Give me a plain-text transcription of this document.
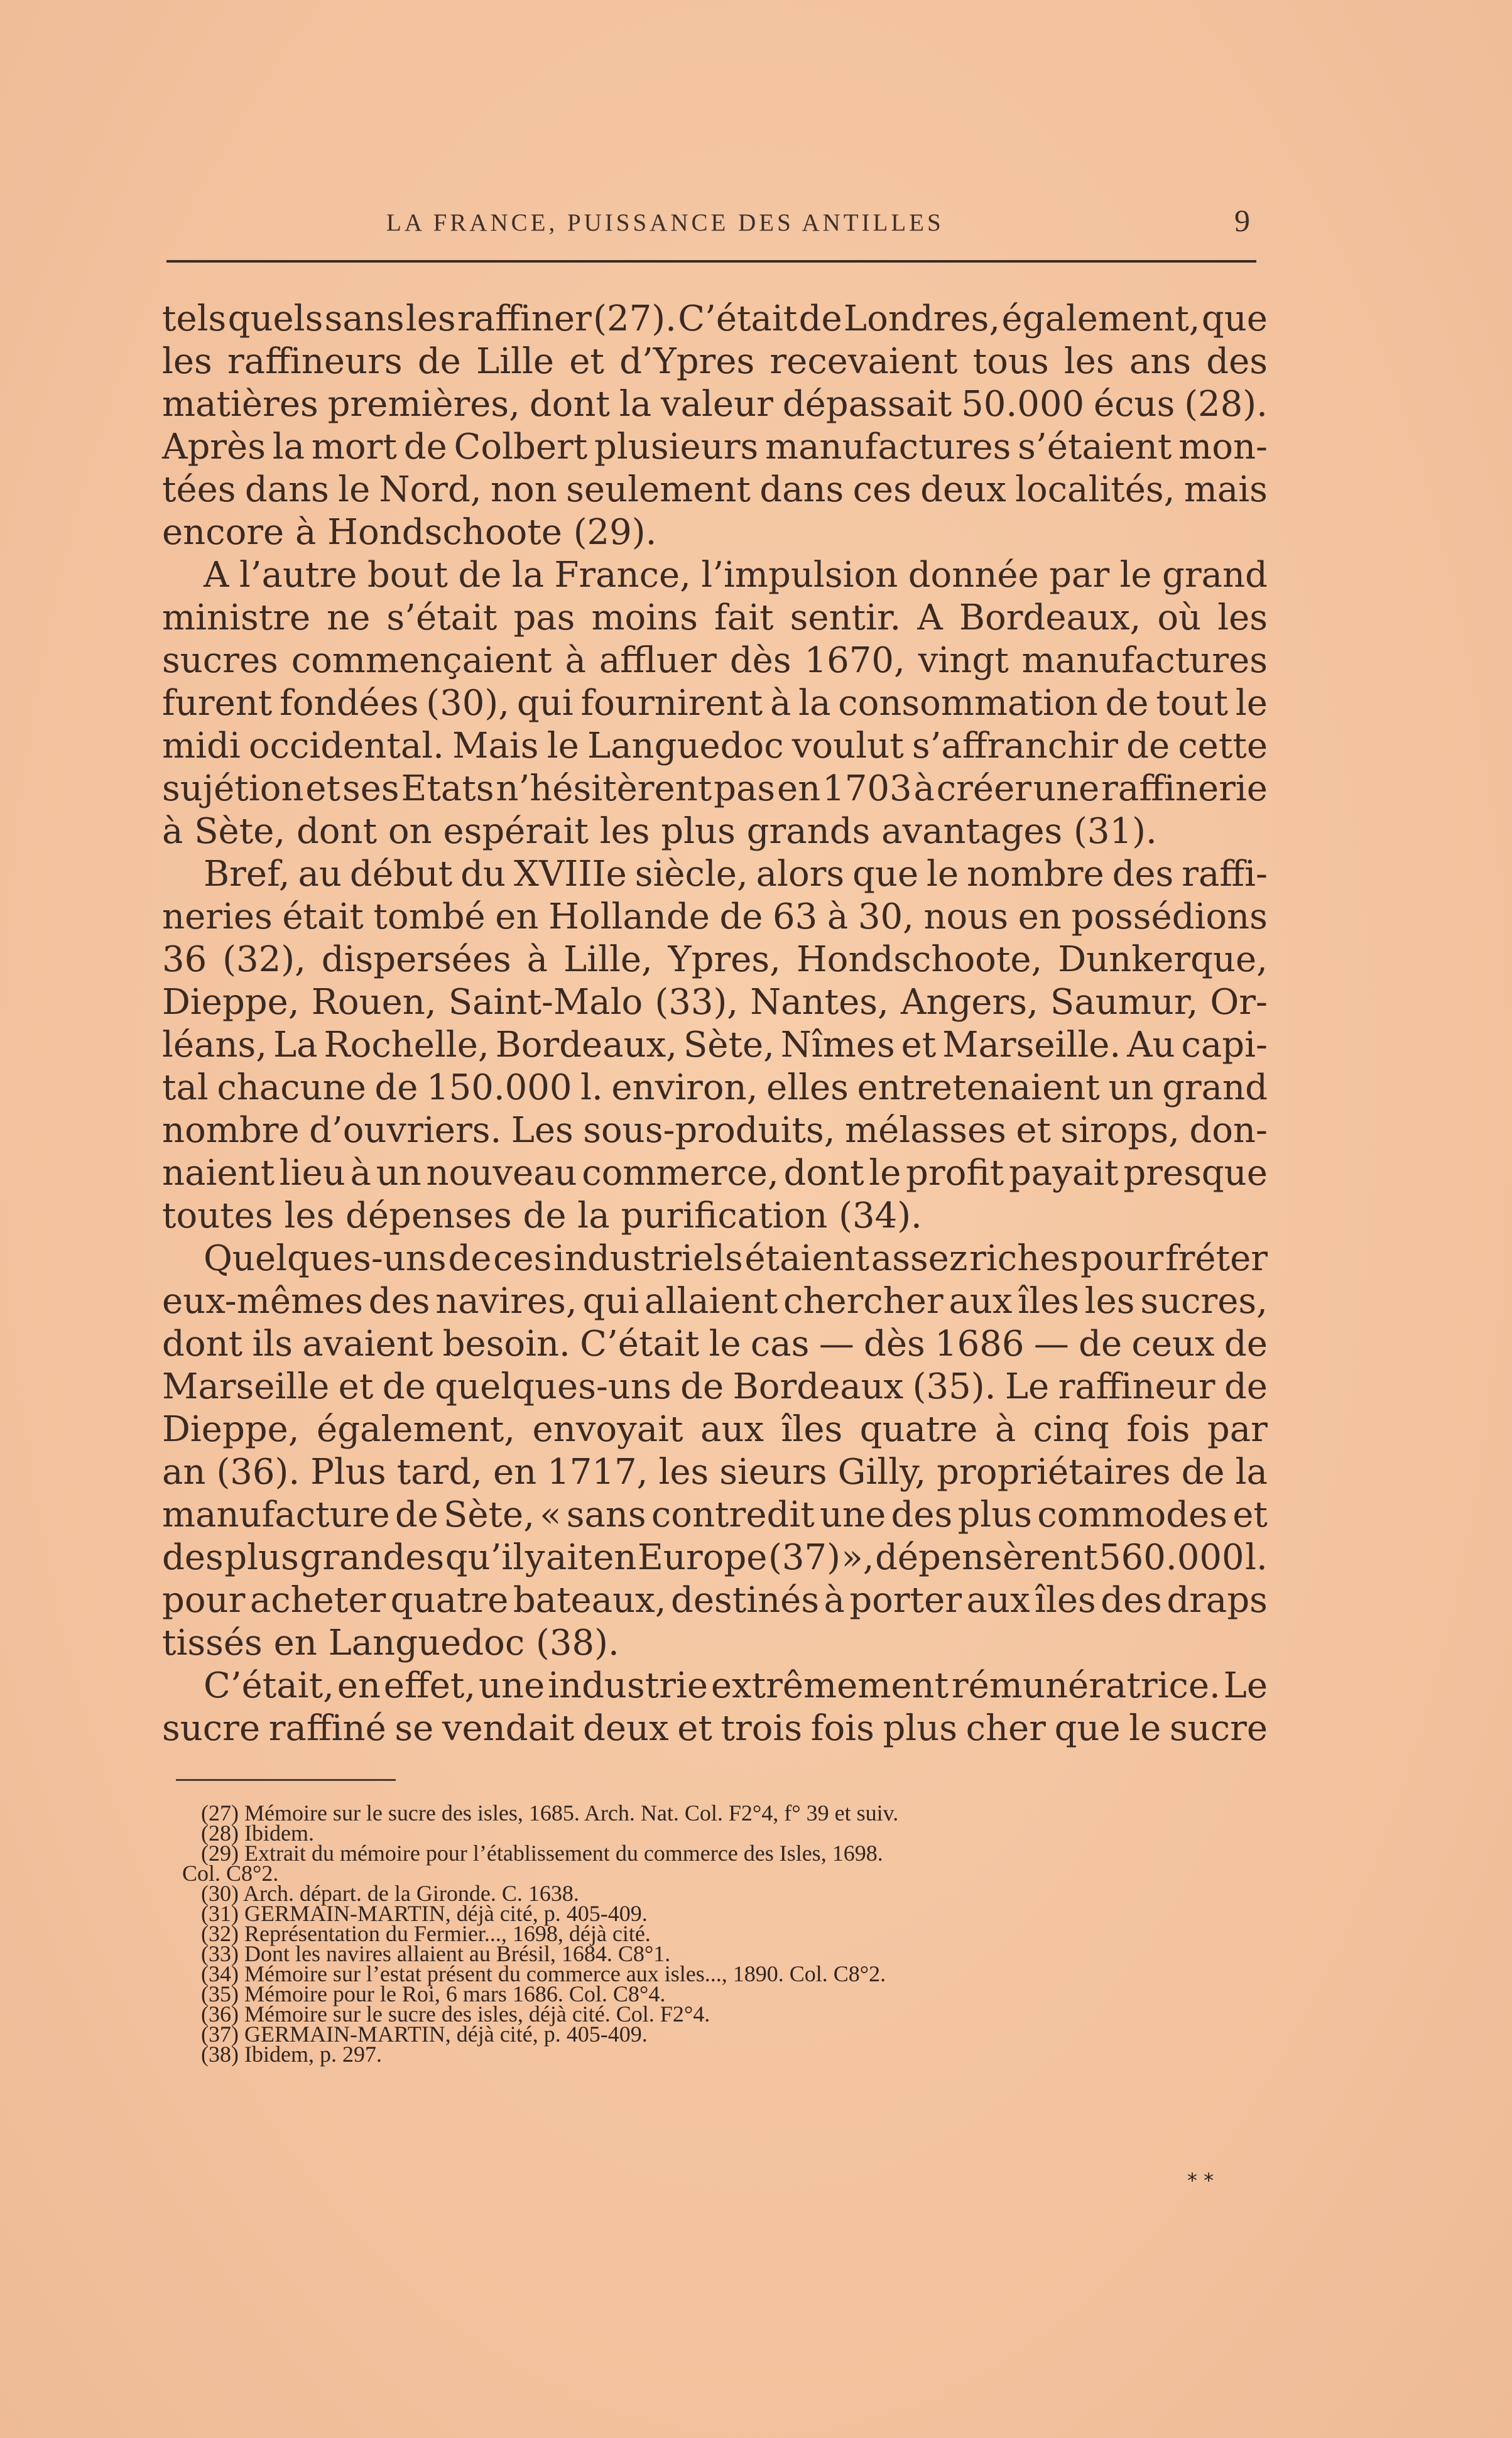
LA FRANCE, PUISSANCE DES ANTILLES	9
tels quels sans les raffiner (27). C’était de Londres, également, que
les raffineurs de Lille et d’Ypres recevaient tous les ans des
matières premières, dont la valeur dépassait 50.000 écus (28).
Après la mort de Colbert plusieurs manufactures s’étaient mon-
tées dans le Nord, non seulement dans ces deux localités, mais
encore à Hondschoote (29).
A l’autre bout de la France, l’impulsion donnée par le grand
ministre ne s’était pas moins fait sentir. A Bordeaux, où les
sucres commençaient à affluer dès 1670, vingt manufactures
furent fondées (30), qui fournirent à la consommation de tout le
midi occidental. Mais le Languedoc voulut s’affranchir de cette
sujétion et ses Etats n’hésitèrent pas en 1703 à créer une raffinerie
à Sète, dont on espérait les plus grands avantages (31).
Bref, au début du XVIIIe siècle, alors que le nombre des raffi-
neries était tombé en Hollande de 63 à 30, nous en possédions
36 (32), dispersées à Lille, Ypres, Hondschoote, Dunkerque,
Dieppe, Rouen, Saint-Malo (33), Nantes, Angers, Saumur, Or-
léans, La Rochelle, Bordeaux, Sète, Nîmes et Marseille. Au capi-
tal chacune de 150.000 l. environ, elles entretenaient un grand
nombre d’ouvriers. Les sous-produits, mélasses et sirops, don-
naient lieu à un nouveau commerce, dont le profit payait presque
toutes les dépenses de la purification (34).
Quelques-uns de ces industriels étaient assez riches pour fréter
eux-mêmes des navires, qui allaient chercher aux îles les sucres,
dont ils avaient besoin. C’était le cas — dès 1686 — de ceux de
Marseille et de quelques-uns de Bordeaux (35). Le raffineur de
Dieppe, également, envoyait aux îles quatre à cinq fois par
an (36). Plus tard, en 1717, les sieurs Gilly, propriétaires de la
manufacture de Sète, « sans contredit une des plus commodes et
des plus grandes qu’il y ait en Europe (37) », dépensèrent 560.000 l.
pour acheter quatre bateaux, destinés à porter aux îles des draps
tissés en Languedoc (38).
C’était, en effet, une industrie extrêmement rémunératrice. Le
sucre raffiné se vendait deux et trois fois plus cher que le sucre
(27) Mémoire sur le sucre des isles, 1685. Arch. Nat. Col. F2°4, f° 39 et suiv.
(28) Ibidem.
(29) Extrait du mémoire pour l’établissement du commerce des Isles, 1698.
Col. C8°2.
(30) Arch. départ. de la Gironde. C. 1638.
(31) GERMAIN-MARTIN, déjà cité, p. 405-409.
(32) Représentation du Fermier..., 1698, déjà cité.
(33) Dont les navires allaient au Brésil, 1684. C8°1.
(34) Mémoire sur l’estat présent du commerce aux isles..., 1890. Col. C8°2.
(35) Mémoire pour le Roi, 6 mars 1686. Col. C8°4.
(36) Mémoire sur le sucre des isles, déjà cité. Col. F2°4.
(37) GERMAIN-MARTIN, déjà cité, p. 405-409.
(38) Ibidem, p. 297.
* *
